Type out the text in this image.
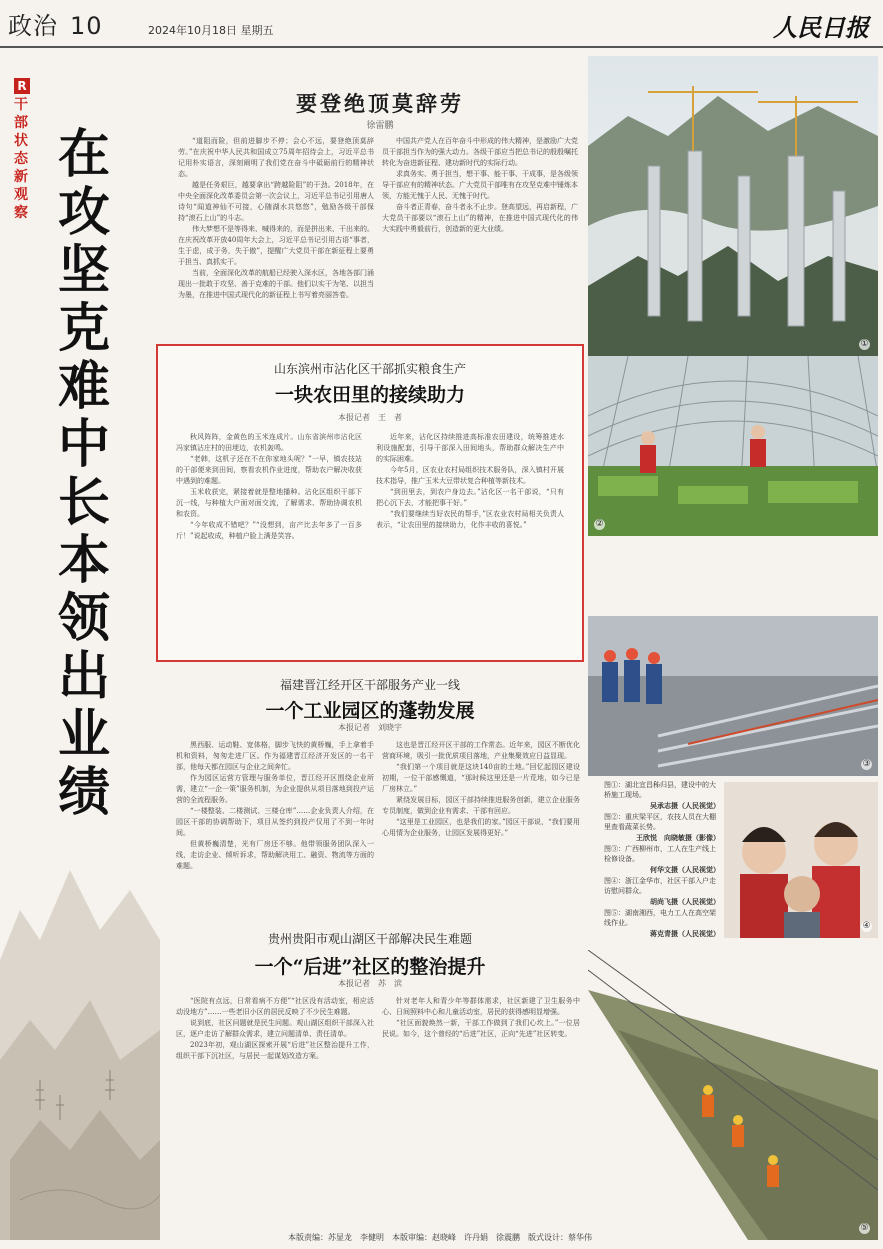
政治 10	2024年10月18日 星期五	人民日报
R
干部状态新观察
在攻坚克难中长本领出业绩
要登绝顶莫辞劳
徐雷鹏

“道阻而险，但前进脚步不停；会心不远，要登绝顶莫辞劳。”在庆祝中华人民共和国成立75周年招待会上，习近平总书记用朴实语言，深刻阐明了我们党在奋斗中砥砺前行的精神状态。

越是任务艰巨，越要拿出“跨越险阻”的干劲。2018年，在中央全面深化改革委员会第一次会议上，习近平总书记引用唐人诗句“闻道神仙不可接，心随湖水共悠悠”，勉励各级干部保持“滚石上山”的斗志。

伟大梦想不是等得来、喊得来的，而是拼出来、干出来的。在庆祝改革开放40周年大会上，习近平总书记引用古语“事者，生于虑，成于务，失于傲”，提醒广大党员干部在新征程上要勇于担当、真抓实干。

当前，全面深化改革的航船已经驶入深水区，各地各部门涌现出一批敢于攻坚、善于克难的干部。他们以实干为笔、以担当为墨，在推进中国式现代化的新征程上书写着亮丽答卷。

中国共产党人在百年奋斗中形成的伟大精神，是激励广大党员干部担当作为的强大动力。各级干部应当把总书记的殷殷嘱托转化为奋进新征程、建功新时代的实际行动。

求真务实、勇于担当，想干事、能干事、干成事，是各级领导干部应有的精神状态。广大党员干部唯有在攻坚克难中锤炼本领，方能无愧于人民、无愧于时代。

奋斗者正青春，奋斗者永不止步。登高望远，再启新程，广大党员干部要以“滚石上山”的精神，在推进中国式现代化的伟大实践中勇毅前行，创造新的更大业绩。

山东滨州市沾化区干部抓实粮食生产
一块农田里的接续助力
本报记者　王　者

秋风阵阵，金黄色的玉米连成片。山东省滨州市沾化区冯家镇沾庄村的田埂边，农机轰鸣。

“老韩，这机子还在不在你家地头呢？”一早，镇农技站的干部便来到田间，察看农机作业进度，帮助农户解决收获中遇到的难题。

玉米收获完，紧接着就是整地播种。沾化区组织干部下沉一线，与种植大户面对面交流，了解需求、帮助协调农机和农资。

“今年收成不错吧？”“没想到，亩产比去年多了一百多斤！”说起收成，种植户脸上满是笑容。

近年来，沾化区持续推进高标准农田建设，统筹推进水利设施配套，引导干部深入田间地头，帮助群众解决生产中的实际困难。

今年5月，区农业农村局组织技术服务队，深入镇村开展技术指导，推广玉米大豆带状复合种植等新技术。

“到田里去，到农户身边去。”沾化区一名干部说，“只有把心沉下去，才能把事干好。”

“我们要继续当好农民的帮手，”区农业农村局相关负责人表示，“让农田里的接续助力，化作丰收的喜悦。”

福建晋江经开区干部服务产业一线
一个工业园区的蓬勃发展
本报记者　刘晓宇

黑西服、运动鞋、宽体格，脚步飞快的黄桥巍，手上拿着手机和资料，匆匆走进厂区。作为福建晋江经济开发区的一名干部，他每天都在园区与企业之间奔忙。

作为园区运营方管理与服务单位，晋江经开区围绕企业所需，建立“一企一策”服务机制，为企业提供从项目落地到投产运营的全流程服务。

“一楼整装、二楼测试、三楼仓库”……企业负责人介绍，在园区干部的协调帮助下，项目从签约到投产仅用了不到一年时间。

但黄桥巍清楚，光有厂房还不够。他带领服务团队深入一线，走访企业、倾听诉求，帮助解决用工、融资、物流等方面的难题。

这也是晋江经开区干部的工作常态。近年来，园区不断优化营商环境，吸引一批优质项目落地，产业集聚效应日益显现。

“我们第一个项目就是这块140亩的土地。”回忆起园区建设初期，一位干部感慨道，“那时候这里还是一片荒地，如今已是厂房林立。”

紧绕发展目标，园区干部持续推进服务创新，建立企业服务专员制度，做到企业有需求、干部有回应。

“这里是工业园区，也是我们的家。”园区干部说，“我们要用心用情为企业服务，让园区发展得更好。”

贵州贵阳市观山湖区干部解决民生难题
一个“后进”社区的整治提升
本报记者　苏　滨

“医院有点远，日常看病不方便”“社区没有活动室，相应活动没地方”……一些老旧小区的居民反映了不少民生难题。

说到底，社区问题就是民生问题。观山湖区组织干部深入社区，逐户走访了解群众需求，建立问题清单、责任清单。

2023年初，观山湖区探索开展“后进”社区整治提升工作，组织干部下沉社区，与居民一起谋划改造方案。

针对老年人和青少年等群体需求，社区新建了卫生服务中心、日间照料中心和儿童活动室，居民的获得感明显增强。

“社区面貌焕然一新，干部工作做到了我们心坎上。”一位居民说。如今，这个曾经的“后进”社区，正向“先进”社区转变。

①
②
③
④
⑤

图①：湖北宜昌秭归县，建设中的大桥施工现场。

吴承志摄（人民视觉）

图②：重庆梁平区，农技人员在大棚里查看蔬菜长势。

王欣悦　向晓敏摄（影像）

图③：广西柳州市，工人在生产线上检修设备。

何华文摄（人民视觉）

图④：浙江金华市，社区干部入户走访慰问群众。

胡尚飞摄（人民视觉）

图⑤：湖南湘西，电力工人在高空架线作业。

蒋克青摄（人民视觉）

本版责编：苏显龙　李健明　本版审编：赵晓峰　许丹娟　徐震鹏　版式设计：蔡华伟
